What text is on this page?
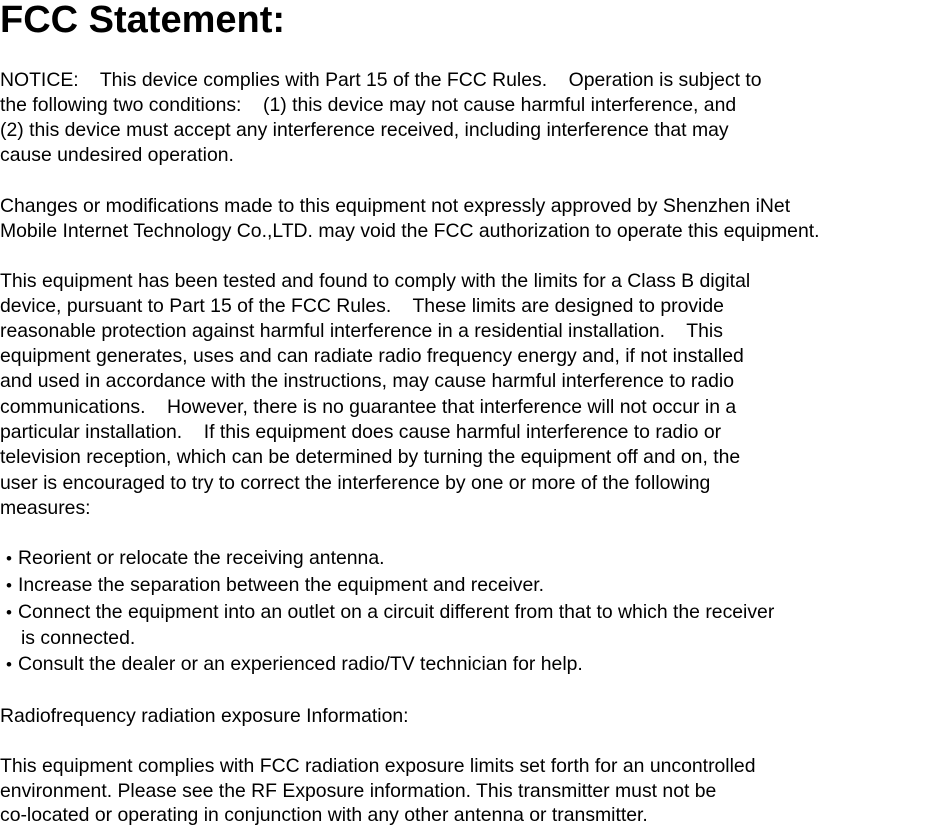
FCC Statement:

NOTICE:    This device complies with Part 15 of the FCC Rules.    Operation is subject to

the following two conditions:    (1) this device may not cause harmful interference, and

(2) this device must accept any interference received, including interference that may

cause undesired operation.

Changes or modifications made to this equipment not expressly approved by Shenzhen iNet

Mobile Internet Technology Co.,LTD. may void the FCC authorization to operate this equipment.

This equipment has been tested and found to comply with the limits for a Class B digital

device, pursuant to Part 15 of the FCC Rules.    These limits are designed to provide

reasonable protection against harmful interference in a residential installation.    This

equipment generates, uses and can radiate radio frequency energy and, if not installed

and used in accordance with the instructions, may cause harmful interference to radio

communications.    However, there is no guarantee that interference will not occur in a

particular installation.    If this equipment does cause harmful interference to radio or

television reception, which can be determined by turning the equipment off and on, the

user is encouraged to try to correct the interference by one or more of the following

measures:

• Reorient or relocate the receiving antenna.

• Increase the separation between the equipment and receiver.

• Connect the equipment into an outlet on a circuit different from that to which the receiver

is connected.

• Consult the dealer or an experienced radio/TV technician for help.

Radiofrequency radiation exposure Information:

This equipment complies with FCC radiation exposure limits set forth for an uncontrolled

environment. Please see the RF Exposure information. This transmitter must not be

co-located or operating in conjunction with any other antenna or transmitter.
